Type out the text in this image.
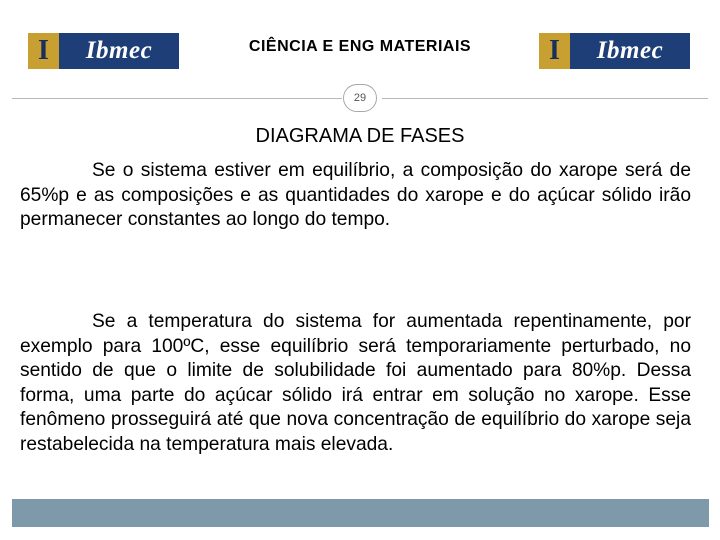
I	Ibmec	CIÊNCIA E ENG MATERIAIS	I	Ibmec
29
DIAGRAMA DE FASES

Se o sistema estiver em equilíbrio, a composição do xarope será de 65%p e as composições e as quantidades do xarope e do açúcar sólido irão permanecer constantes ao longo do tempo.

Se a temperatura do sistema for aumentada repentinamente, por exemplo para 100ºC, esse equilíbrio será temporariamente perturbado, no sentido de que o limite de solubilidade foi aumentado para 80%p. Dessa forma, uma parte do açúcar sólido irá entrar em solução no xarope. Esse fenômeno prosseguirá até que nova concentração de equilíbrio do xarope seja restabelecida na temperatura mais elevada.
